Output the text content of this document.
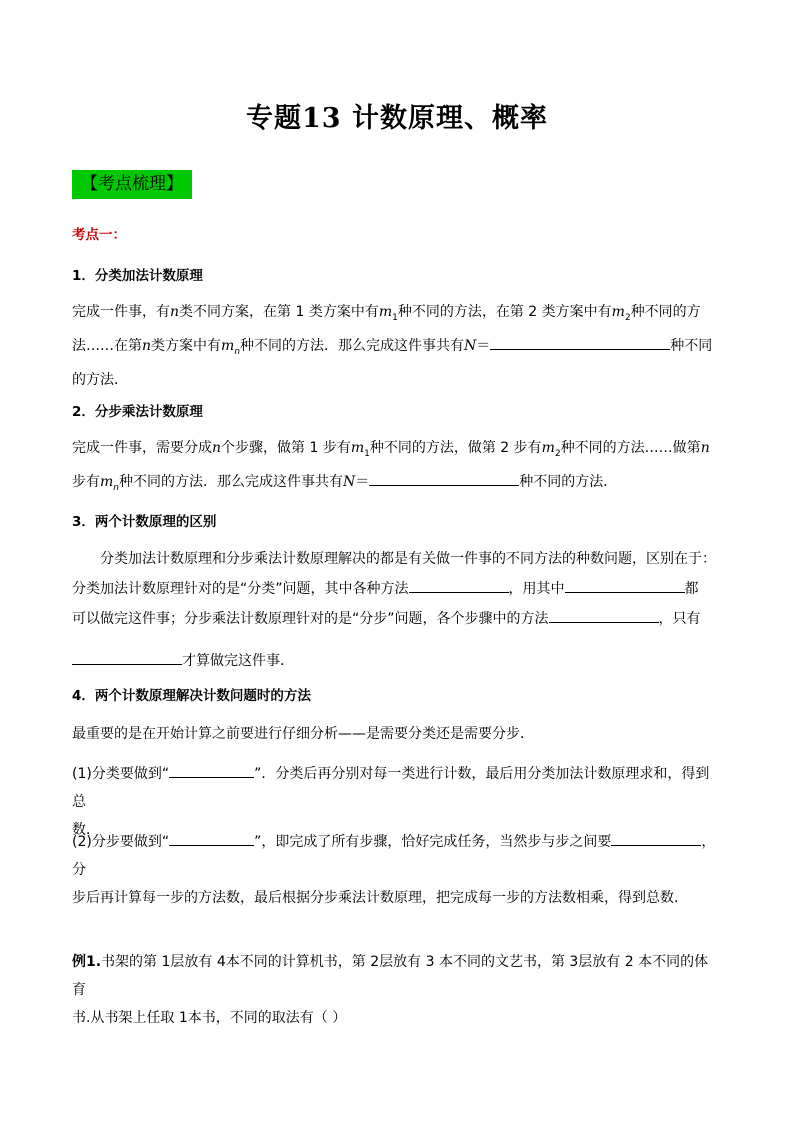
专题13 计数原理、概率
【考点梳理】
考点一：
1．分类加法计数原理
完成一件事，有n类不同方案，在第 1 类方案中有$m_1$种不同的方法，在第 2 类方案中有$m_2$种不同的方
法……在第n类方案中有$m_n$种不同的方法．那么完成这件事共有N＝	种不同
的方法．
2．分步乘法计数原理
完成一件事，需要分成n个步骤，做第 1 步有$m_1$种不同的方法，做第 2 步有$m_2$种不同的方法……做第n
步有$m_n$种不同的方法．那么完成这件事共有N＝	种不同的方法．
3．两个计数原理的区别
分类加法计数原理和分步乘法计数原理解决的都是有关做一件事的不同方法的种数问题，区别在于：
分类加法计数原理针对的是“分类”问题，其中各种方法	，用其中	都
可以做完这件事；分步乘法计数原理针对的是“分步”问题，各个步骤中的方法	，只有
才算做完这件事．
4．两个计数原理解决计数问题时的方法
最重要的是在开始计算之前要进行仔细分析——是需要分类还是需要分步．
(1)分类要做到“	”．分类后再分别对每一类进行计数，最后用分类加法计数原理求和，得到总
数．
(2)分步要做到“	”，即完成了所有步骤，恰好完成任务，当然步与步之间要	，分
步后再计算每一步的方法数，最后根据分步乘法计数原理，把完成每一步的方法数相乘，得到总数．
例1.书架的第 1层放有 4本不同的计算机书，第 2层放有 3 本不同的文艺书，第 3层放有 2 本不同的体育
书.从书架上任取 1本书，不同的取法有（ ）
